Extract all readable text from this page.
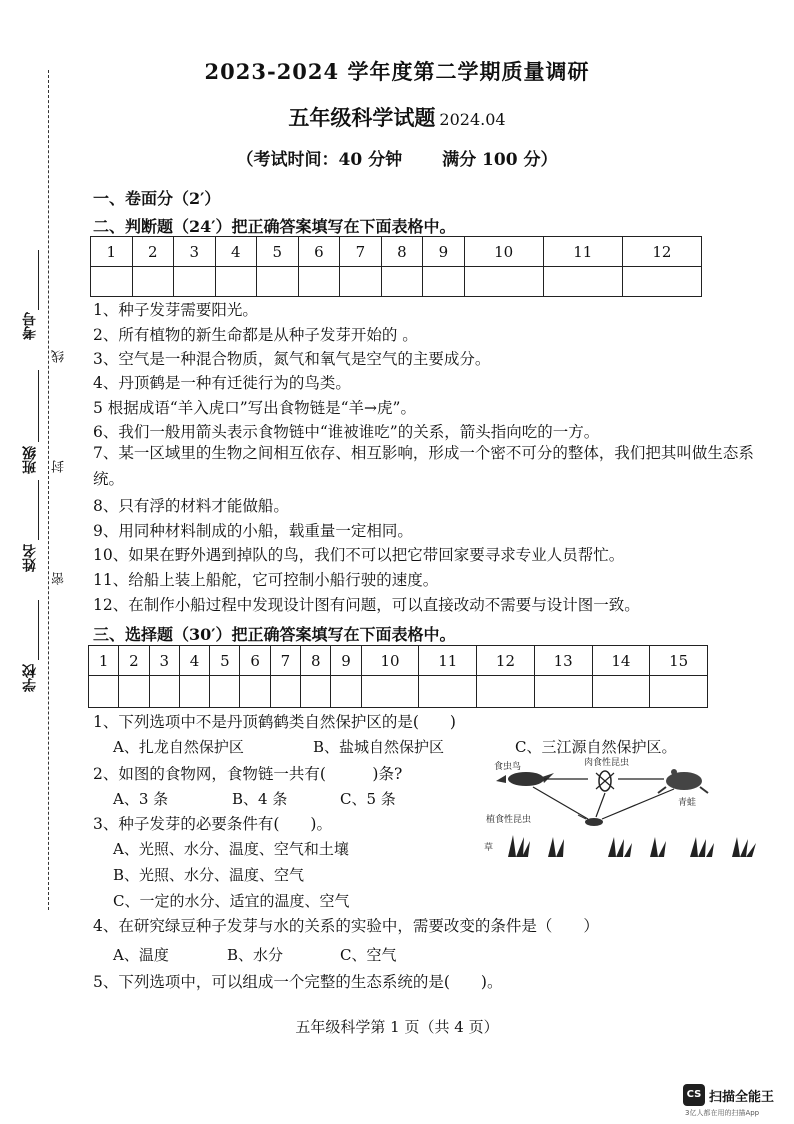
考号
班级
姓名
学校
线
封
密
2023-2024 学年度第二学期质量调研
五年级科学试题 2024.04
（考试时间：40 分钟 满分 100 分）
一、卷面分（2′）
二、判断题（24′）把正确答案填写在下面表格中。
1	2	3	4	5	6	7	8	9	10	11	12

1、种子发芽需要阳光。
2、所有植物的新生命都是从种子发芽开始的 。
3、空气是一种混合物质，氮气和氧气是空气的主要成分。
4、丹顶鹤是一种有迁徙行为的鸟类。
5 根据成语“羊入虎口”写出食物链是“羊→虎”。
6、我们一般用箭头表示食物链中“谁被谁吃”的关系，箭头指向吃的一方。
7、某一区域里的生物之间相互依存、相互影响，形成一个密不可分的整体，我们把其叫做生态系统。
8、只有浮的材料才能做船。
9、用同种材料制成的小船，载重量一定相同。
10、如果在野外遇到掉队的鸟，我们不可以把它带回家要寻求专业人员帮忙。
11、给船上装上船舵，它可控制小船行驶的速度。
12、在制作小船过程中发现设计图有问题，可以直接改动不需要与设计图一致。
三、选择题（30′）把正确答案填写在下面表格中。
1	2	3	4	5	6	7	8	9	10	11	12	13	14	15

1、下列选项中不是丹顶鹤鹤类自然保护区的是(　　)
A、扎龙自然保护区	B、盐城自然保护区	C、三江源自然保护区。
2、如图的食物网，食物链一共有(　　　)条?
A、3 条	B、4 条	C、5 条
食虫鸟	肉食性昆虫
青蛙
植食性昆虫
草
3、种子发芽的必要条件有(　　)。
A、光照、水分、温度、空气和土壤
B、光照、水分、温度、空气
C、一定的水分、适宜的温度、空气
4、在研究绿豆种子发芽与水的关系的实验中，需要改变的条件是（　　）
A、温度	B、水分	C、空气
5、下列选项中，可以组成一个完整的生态系统的是(　　)。
五年级科学第 1 页（共 4 页）
CS 扫描全能王
3亿人都在用的扫描App
